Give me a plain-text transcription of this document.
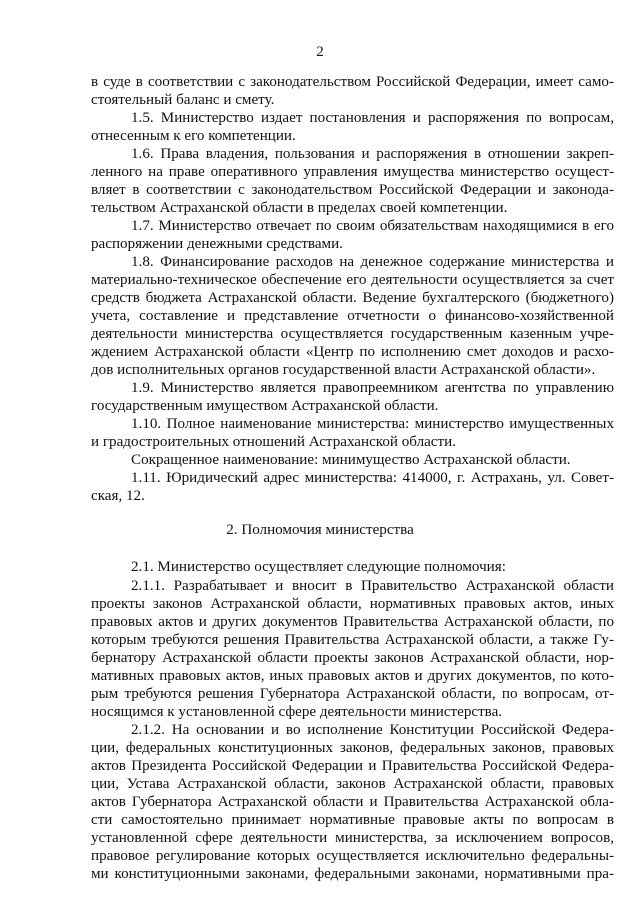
2
в суде в соответствии с законодательством Российской Федерации, имеет само-
стоятельный баланс и смету.
1.5. Министерство издает постановления и распоряжения по вопросам,
отнесенным к его компетенции.
1.6. Права владения, пользования и распоряжения в отношении закреп-
ленного на праве оперативного управления имущества министерство осущест-
вляет в соответствии с законодательством Российской Федерации и законода-
тельством Астраханской области в пределах своей компетенции.
1.7. Министерство отвечает по своим обязательствам находящимися в его
распоряжении денежными средствами.
1.8. Финансирование расходов на денежное содержание министерства и
материально-техническое обеспечение его деятельности осуществляется за счет
средств бюджета Астраханской области. Ведение бухгалтерского (бюджетного)
учета, составление и представление отчетности о финансово-хозяйственной
деятельности министерства осуществляется государственным казенным учре-
ждением Астраханской области «Центр по исполнению смет доходов и расхо-
дов исполнительных органов государственной власти Астраханской области».
1.9. Министерство является правопреемником агентства по управлению
государственным имуществом Астраханской области.
1.10. Полное наименование министерства: министерство имущественных
и градостроительных отношений Астраханской области.
Сокращенное наименование: минимущество Астраханской области.
1.11. Юридический адрес министерства: 414000, г. Астрахань, ул. Совет-
ская, 12.
2. Полномочия министерства
2.1. Министерство осуществляет следующие полномочия:
2.1.1. Разрабатывает и вносит в Правительство Астраханской области
проекты законов Астраханской области, нормативных правовых актов, иных
правовых актов и других документов Правительства Астраханской области, по
которым требуются решения Правительства Астраханской области, а также Гу-
бернатору Астраханской области проекты законов Астраханской области, нор-
мативных правовых актов, иных правовых актов и других документов, по кото-
рым требуются решения Губернатора Астраханской области, по вопросам, от-
носящимся к установленной сфере деятельности министерства.
2.1.2. На основании и во исполнение Конституции Российской Федера-
ции, федеральных конституционных законов, федеральных законов, правовых
актов Президента Российской Федерации и Правительства Российской Федера-
ции, Устава Астраханской области, законов Астраханской области, правовых
актов Губернатора Астраханской области и Правительства Астраханской обла-
сти самостоятельно принимает нормативные правовые акты по вопросам в
установленной сфере деятельности министерства, за исключением вопросов,
правовое регулирование которых осуществляется исключительно федеральны-
ми конституционными законами, федеральными законами, нормативными пра-
